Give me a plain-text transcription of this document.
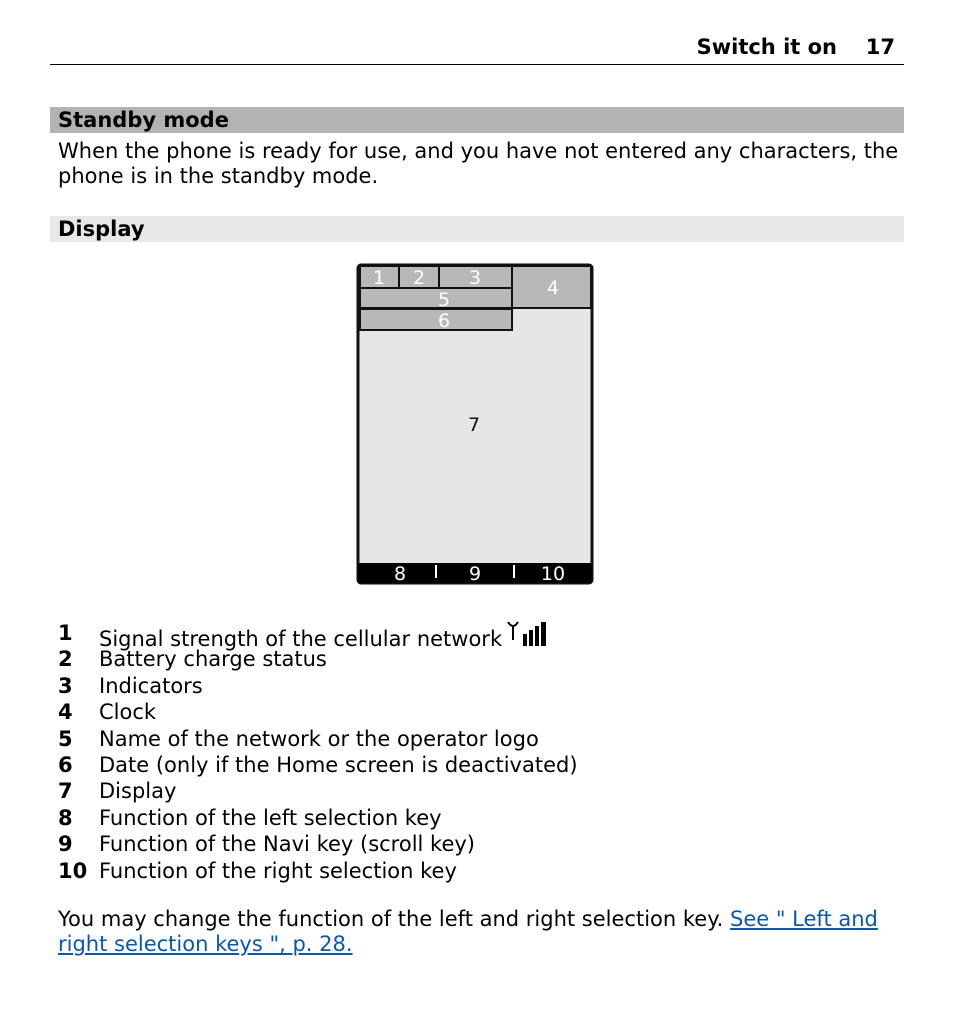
Switch it on 17
Standby mode
When the phone is ready for use, and you have not entered any characters, the phone is in the standby mode.
Display
1 2 3	4
5
6
7
8	9	10
1 Signal strength of the cellular network
2 Battery charge status
3 Indicators
4 Clock
5 Name of the network or the operator logo
6 Date (only if the Home screen is deactivated)
7 Display
8 Function of the left selection key
9 Function of the Navi key (scroll key)
10 Function of the right selection key
You may change the function of the left and right selection key. See " Left and right selection keys ", p. 28.
